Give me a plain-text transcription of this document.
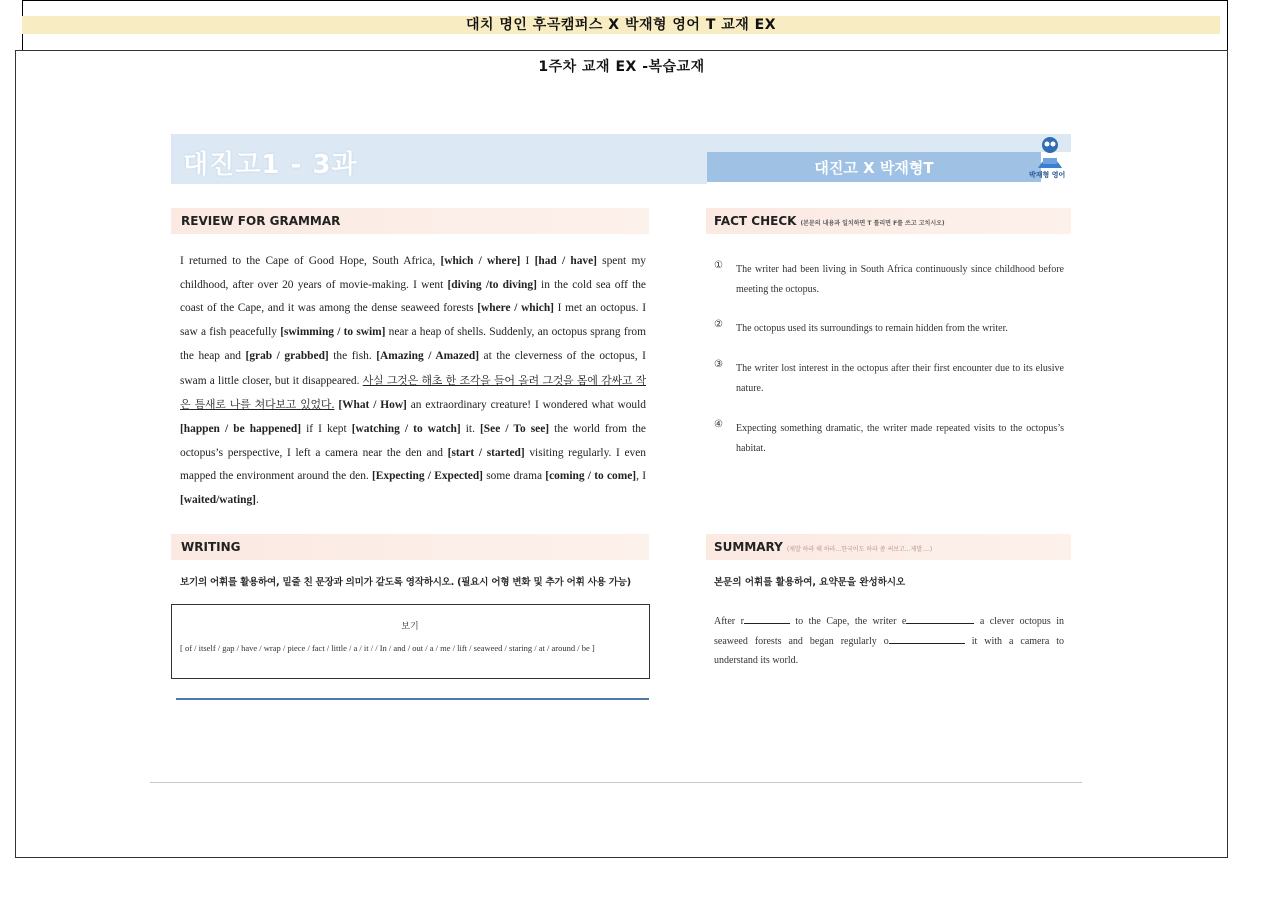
대치 명인 후곡캠퍼스 X 박재형 영어 T 교재 EX
1주차 교재 EX -복습교재
대진고1 - 3과	대진고 X 박재형T	박재형 영어
REVIEW FOR GRAMMAR
I returned to the Cape of Good Hope, South Africa, [which / where] I [had / have] spent my childhood, after over 20 years of movie-making. I went [diving /to diving] in the cold sea off the coast of the Cape, and it was among the dense seaweed forests [where / which] I met an octopus. I saw a fish peacefully [swimming / to swim] near a heap of shells. Suddenly, an octopus sprang from the heap and [grab / grabbed] the fish. [Amazing / Amazed] at the cleverness of the octopus, I swam a little closer, but it disappeared. 사실 그것은 해초 한 조각을 들어 올려 그것을 몸에 감싸고 작은 틈새로 나를 쳐다보고 있었다. [What / How] an extraordinary creature! I wondered what would [happen / be happened] if I kept [watching / to watch] it. [See / To see] the world from the octopus’s perspective, I left a camera near the den and [start / started] visiting regularly. I even mapped the environment around the den. [Expecting / Expected] some drama [coming / to come], I [waited/wating].
FACT CHECK (본문의 내용과 일치하면 T 틀리면 F를 쓰고 고치시오)
①	The writer had been living in South Africa continuously since childhood before meeting the octopus.
②	The octopus used its surroundings to remain hidden from the writer.
③	The writer lost interest in the octopus after their first encounter due to its elusive nature.
④	Expecting something dramatic, the writer made repeated visits to the octopus’s habitat.
WRITING
보기의 어휘를 활용하여, 밑줄 친 문장과 의미가 같도록 영작하시오. (필요시 어형 변화 및 추가 어휘 사용 가능)
보기
[ of / itself / gap / have / wrap / piece / fact / little / a / it / / In / and / out / a / me / lift / seaweed / staring / at / around / be ]
SUMMARY (제발 하라 해 하라...한국어도 하라 좀 써보고...제발....)
본문의 어휘를 활용하여, 요약문을 완성하시오
After r	to the Cape, the writer e	a clever octopus in seaweed forests and began regularly o	it with a camera to understand its world.
